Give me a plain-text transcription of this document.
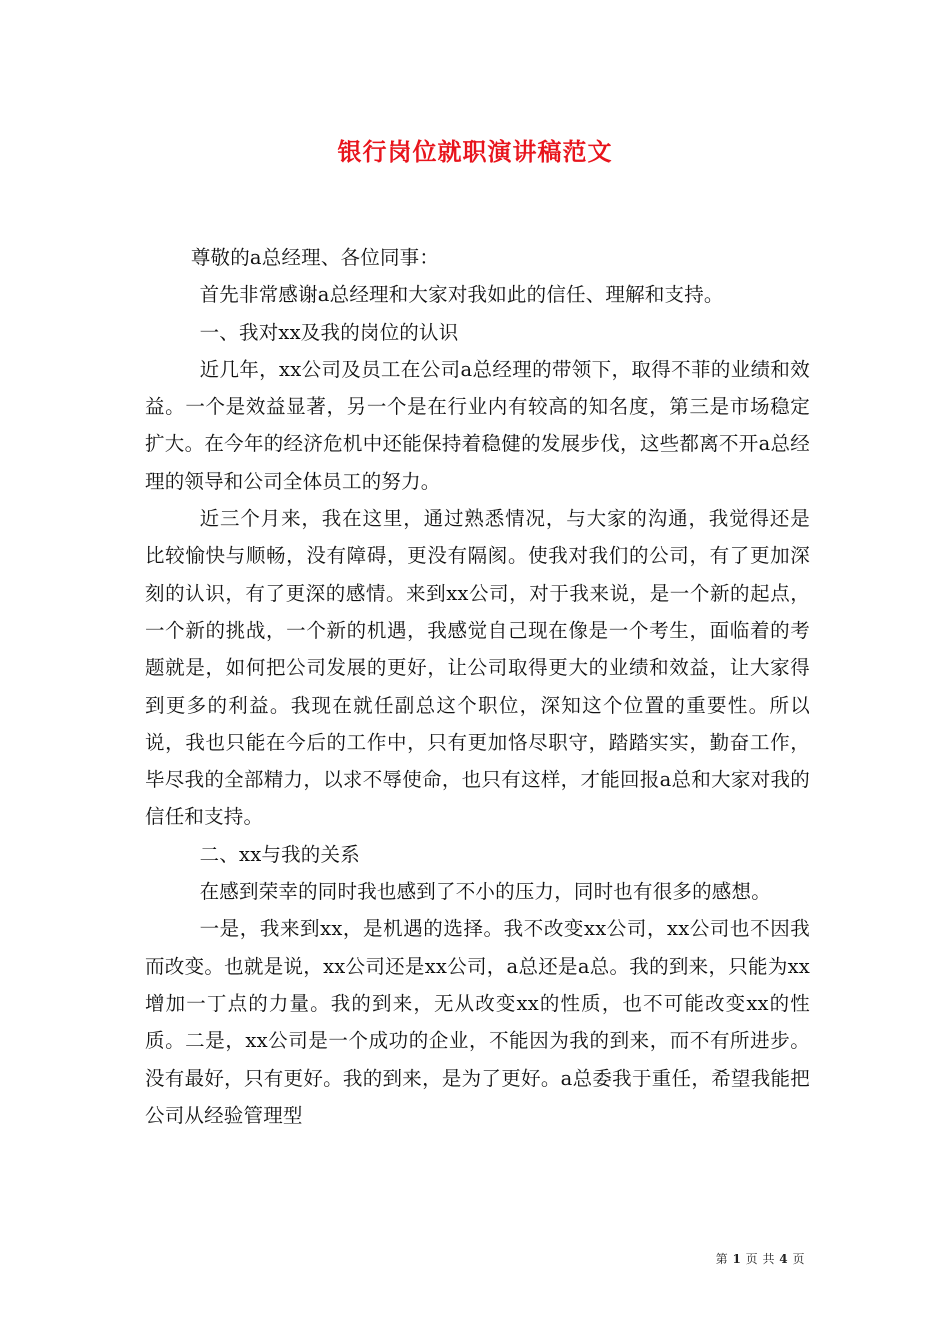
银行岗位就职演讲稿范文

尊敬的a总经理、各位同事：

首先非常感谢a总经理和大家对我如此的信任、理解和支持。

一、我对xx及我的岗位的认识

近几年，xx公司及员工在公司a总经理的带领下，取得不菲的业绩和效益。一个是效益显著，另一个是在行业内有较高的知名度，第三是市场稳定扩大。在今年的经济危机中还能保持着稳健的发展步伐，这些都离不开a总经理的领导和公司全体员工的努力。

近三个月来，我在这里，通过熟悉情况，与大家的沟通，我觉得还是比较愉快与顺畅，没有障碍，更没有隔阂。使我对我们的公司，有了更加深刻的认识，有了更深的感情。来到xx公司，对于我来说，是一个新的起点，一个新的挑战，一个新的机遇，我感觉自己现在像是一个考生，面临着的考题就是，如何把公司发展的更好，让公司取得更大的业绩和效益，让大家得到更多的利益。我现在就任副总这个职位，深知这个位置的重要性。所以说，我也只能在今后的工作中，只有更加恪尽职守，踏踏实实，勤奋工作，毕尽我的全部精力，以求不辱使命，也只有这样，才能回报a总和大家对我的信任和支持。

二、xx与我的关系

在感到荣幸的同时我也感到了不小的压力，同时也有很多的感想。

一是，我来到xx，是机遇的选择。我不改变xx公司，xx公司也不因我而改变。也就是说，xx公司还是xx公司，a总还是a总。我的到来，只能为xx增加一丁点的力量。我的到来，无从改变xx的性质，也不可能改变xx的性质。二是，xx公司是一个成功的企业，不能因为我的到来，而不有所进步。没有最好，只有更好。我的到来，是为了更好。a总委我于重任，希望我能把公司从经验管理型

第 1 页 共 4 页
